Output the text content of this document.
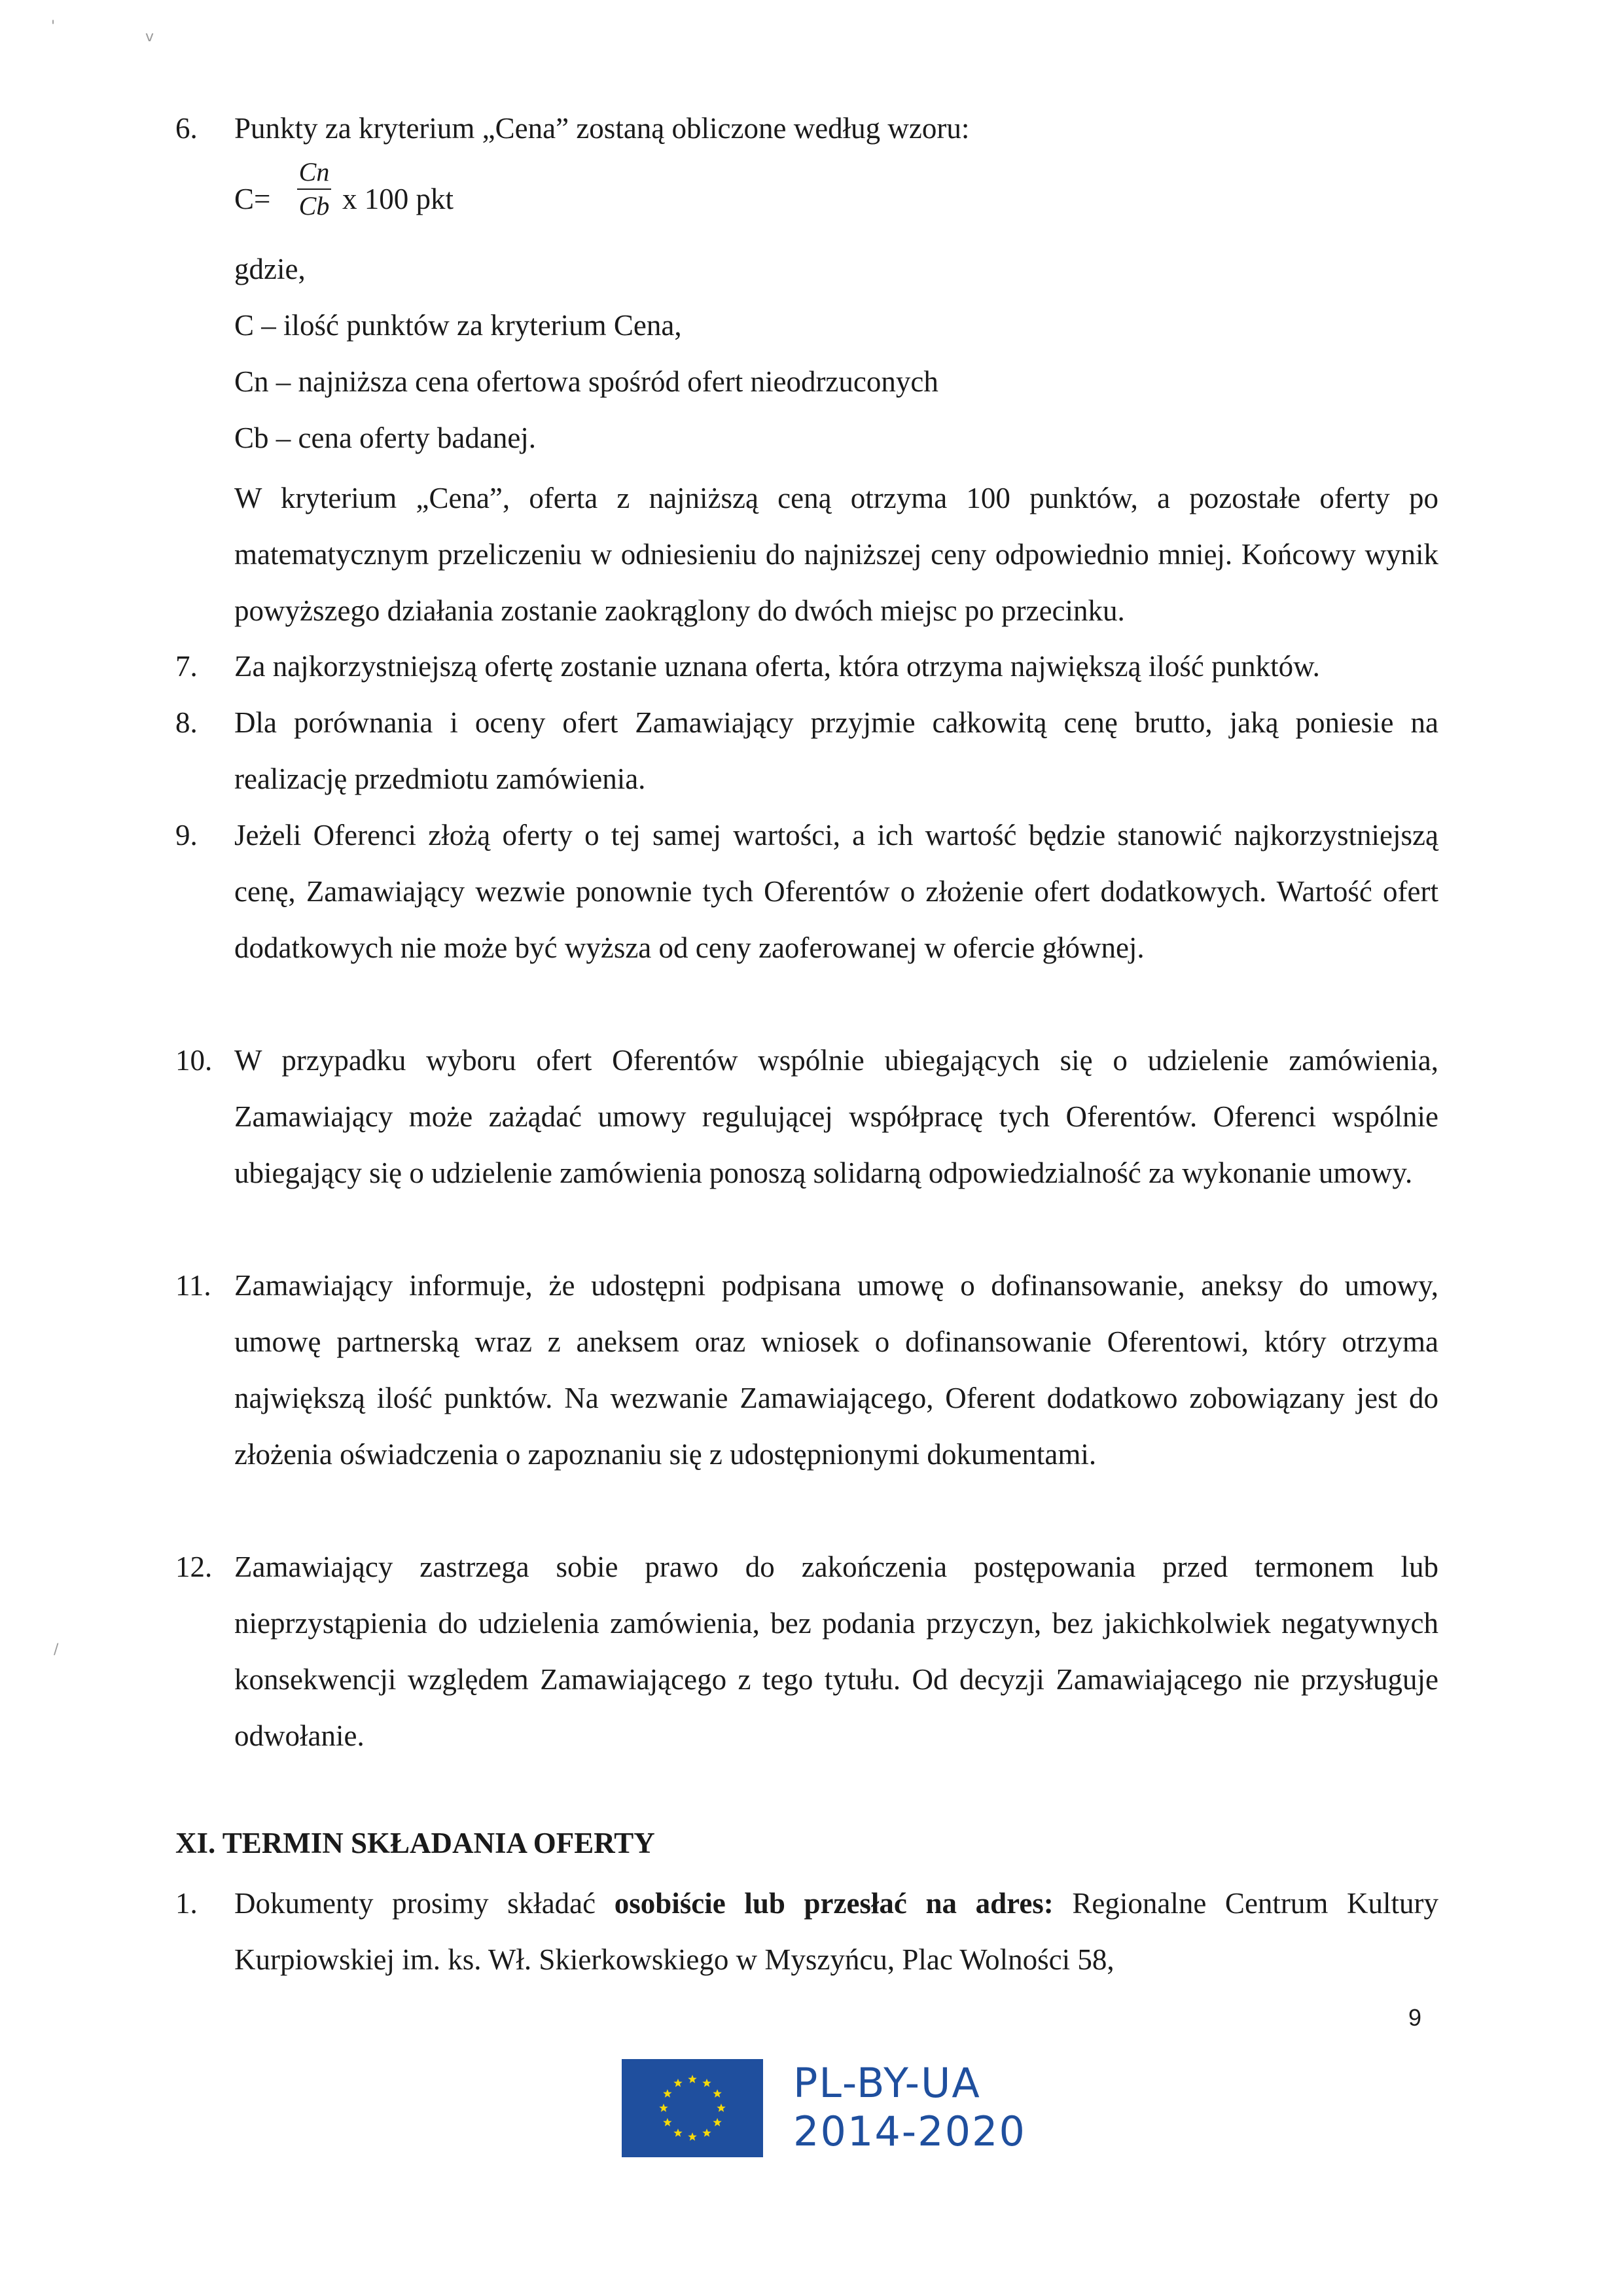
'
v
/
6.	Punkty za kryterium „Cena” zostaną obliczone według wzoru:
C=
Cn
Cb x 100 pkt
gdzie,
C – ilość punktów za kryterium Cena,
Cn – najniższa cena ofertowa spośród ofert nieodrzuconych
Cb – cena oferty badanej.
W kryterium „Cena”, oferta z najniższą ceną otrzyma 100 punktów, a pozostałe oferty po matematycznym przeliczeniu w odniesieniu do najniższej ceny odpowiednio mniej. Końcowy wynik powyższego działania zostanie zaokrąglony do dwóch miejsc po przecinku.
7.	Za najkorzystniejszą ofertę zostanie uznana oferta, która otrzyma największą ilość punktów.
8.	Dla porównania i oceny ofert Zamawiający przyjmie całkowitą cenę brutto, jaką poniesie na realizację przedmiotu zamówienia.
9.	Jeżeli Oferenci złożą oferty o tej samej wartości, a ich wartość będzie stanowić najkorzystniejszą cenę, Zamawiający wezwie ponownie tych Oferentów o złożenie ofert dodatkowych. Wartość ofert dodatkowych nie może być wyższa od ceny zaoferowanej w ofercie głównej.
10. W przypadku wyboru ofert Oferentów wspólnie ubiegających się o udzielenie zamówienia, Zamawiający może zażądać umowy regulującej współpracę tych Oferentów. Oferenci wspólnie ubiegający się o udzielenie zamówienia ponoszą solidarną odpowiedzialność za wykonanie umowy.
11. Zamawiający informuje, że udostępni podpisana umowę o dofinansowanie, aneksy do umowy, umowę partnerską wraz z aneksem oraz wniosek o dofinansowanie Oferentowi, który otrzyma największą ilość punktów. Na wezwanie Zamawiającego, Oferent dodatkowo zobowiązany jest do złożenia oświadczenia o zapoznaniu się z udostępnionymi dokumentami.
12. Zamawiający zastrzega sobie prawo do zakończenia postępowania przed termonem lub nieprzystąpienia do udzielenia zamówienia, bez podania przyczyn, bez jakichkolwiek negatywnych konsekwencji względem Zamawiającego z tego tytułu. Od decyzji Zamawiającego nie przysługuje odwołanie.
XI. TERMIN SKŁADANIA OFERTY
1.	Dokumenty prosimy składać osobiście lub przesłać na adres: Regionalne Centrum Kultury Kurpiowskiej im. ks. Wł. Skierkowskiego w Myszyńcu, Plac Wolności 58,
9
PL-BY-UA
2014-2020
